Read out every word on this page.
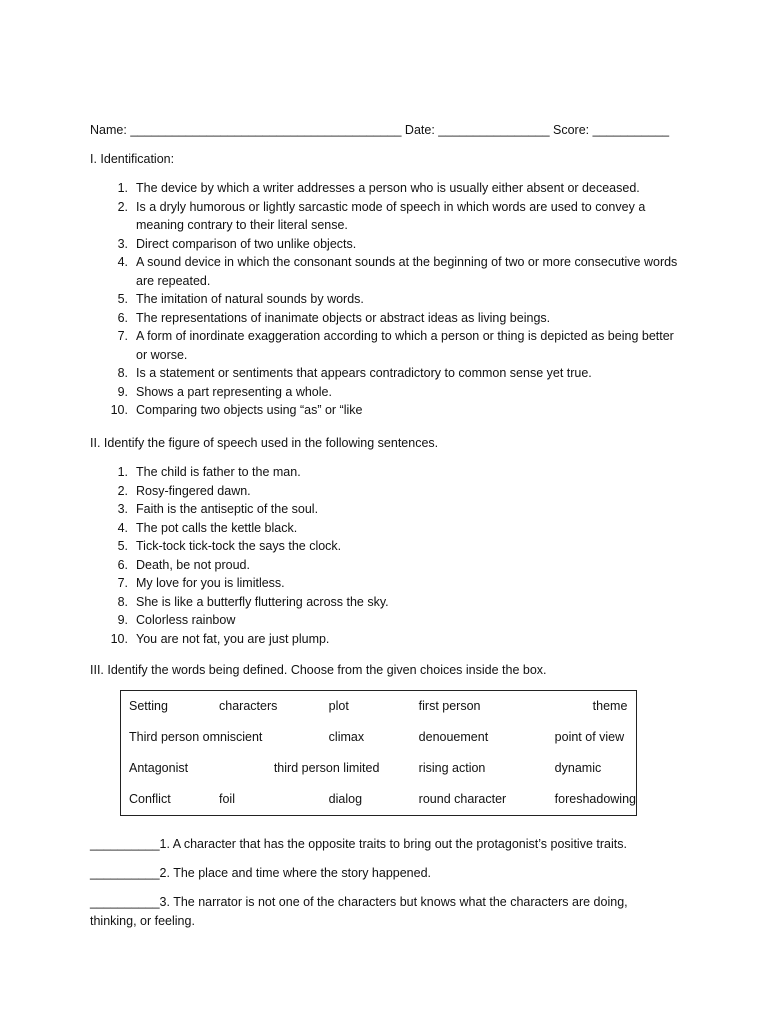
Name: _______________________________________ Date: ________________ Score: ___________
I. Identification:
1. The device by which a writer addresses a person who is usually either absent or deceased.
2. Is a dryly humorous or lightly sarcastic mode of speech in which words are used to convey a meaning contrary to their literal sense.
3. Direct comparison of two unlike objects.
4. A sound device in which the consonant sounds at the beginning of two or more consecutive words are repeated.
5. The imitation of natural sounds by words.
6. The representations of inanimate objects or abstract ideas as living beings.
7. A form of inordinate exaggeration according to which a person or thing is depicted as being better or worse.
8. Is a statement or sentiments that appears contradictory to common sense yet true.
9. Shows a part representing a whole.
10. Comparing two objects using “as” or “like
II. Identify the figure of speech used in the following sentences.
1. The child is father to the man.
2. Rosy-fingered dawn.
3. Faith is the antiseptic of the soul.
4. The pot calls the kettle black.
5. Tick-tock tick-tock the says the clock.
6. Death, be not proud.
7. My love for you is limitless.
8. She is like a butterfly fluttering across the sky.
9. Colorless rainbow
10. You are not fat, you are just plump.
III. Identify the words being defined. Choose from the given choices inside the box.
Setting	characters		plot	first person	theme
Third person omniscient			climax	denouement	point of view
Antagonist		third person limited		rising action	dynamic
Conflict	foil		dialog	round character	foreshadowing
__________1. A character that has the opposite traits to bring out the protagonist’s positive traits.
__________2. The place and time where the story happened.
__________3. The narrator is not one of the characters but knows what the characters are doing, thinking, or feeling.
